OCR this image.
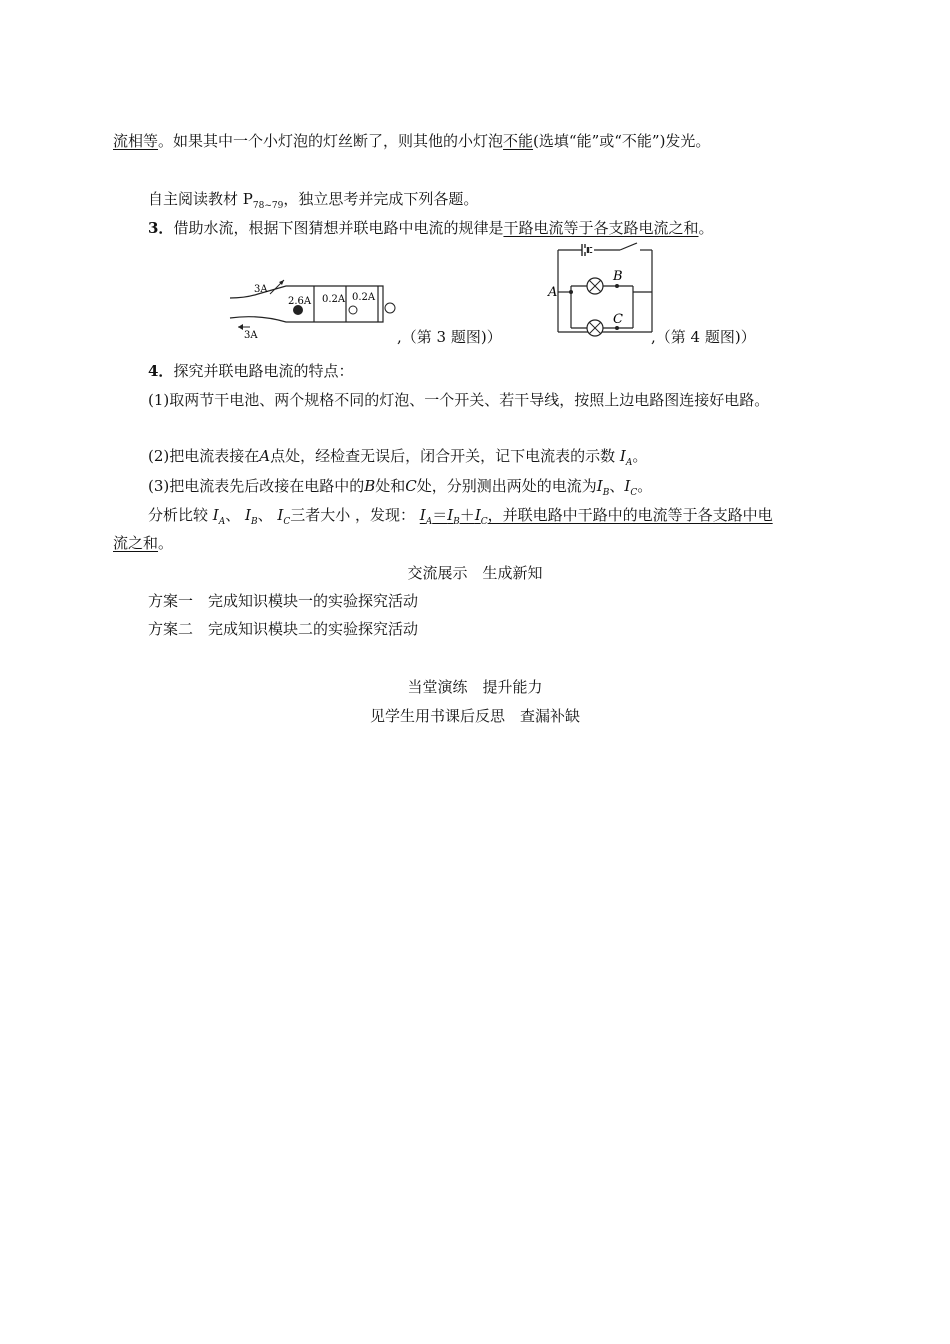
流相等。如果其中一个小灯泡的灯丝断了，则其他的小灯泡不能(选填“能”或“不能”)发光。
自主阅读教材 $P_{78\sim 79}$，独立思考并完成下列各题。
3．借助水流，根据下图猜想并联电路中电流的规律是干路电流等于各支路电流之和。
3A
3A
2.6A 0.2A 0.2A
,（第 3 题图)）
A
B
C
,（第 4 题图)）
4．探究并联电路电流的特点：
(1)取两节干电池、两个规格不同的灯泡、一个开关、若干导线，按照上边电路图连接好电路。
(2)把电流表接在A点处，经检查无误后，闭合开关，记下电流表的示数 $I_A$。
(3)把电流表先后改接在电路中的B处和C处，分别测出两处的电流为$I_B$、$I_C$。
分析比较 $I_A$、 $I_B$、 $I_C$三者大小 ，发现： $I_A=I_B+I_C$，并联电路中干路中的电流等于各支路中电
流之和。
交流展示　生成新知
方案一　完成知识模块一的实验探究活动
方案二　完成知识模块二的实验探究活动
当堂演练　提升能力
见学生用书课后反思　查漏补缺
